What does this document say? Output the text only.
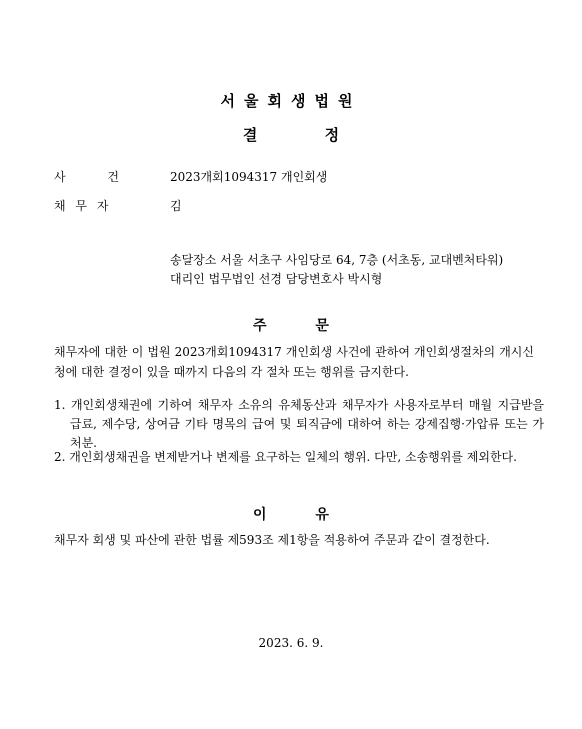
서울회생법원
결 정
사 건	2023개회1094317 개인회생
채 무 자	김
송달장소 서울 서초구 사임당로 64, 7층 (서초동, 교대벤처타워)
대리인 법무법인 선경 담당변호사 박시형
주 문
채무자에 대한 이 법원 2023개회1094317 개인회생 사건에 관하여 개인회생절차의 개시신청에 대한 결정이 있을 때까지 다음의 각 절차 또는 행위를 금지한다.
1. 개인회생채권에 기하여 채무자 소유의 유체동산과 채무자가 사용자로부터 매월 지급받을 급료, 제수당, 상여금 기타 명목의 급여 및 퇴직금에 대하여 하는 강제집행·가압류 또는 가처분.
2. 개인회생채권을 변제받거나 변제를 요구하는 일체의 행위. 다만, 소송행위를 제외한다.
이 유
채무자 회생 및 파산에 관한 법률 제593조 제1항을 적용하여 주문과 같이 결정한다.
2023. 6. 9.
